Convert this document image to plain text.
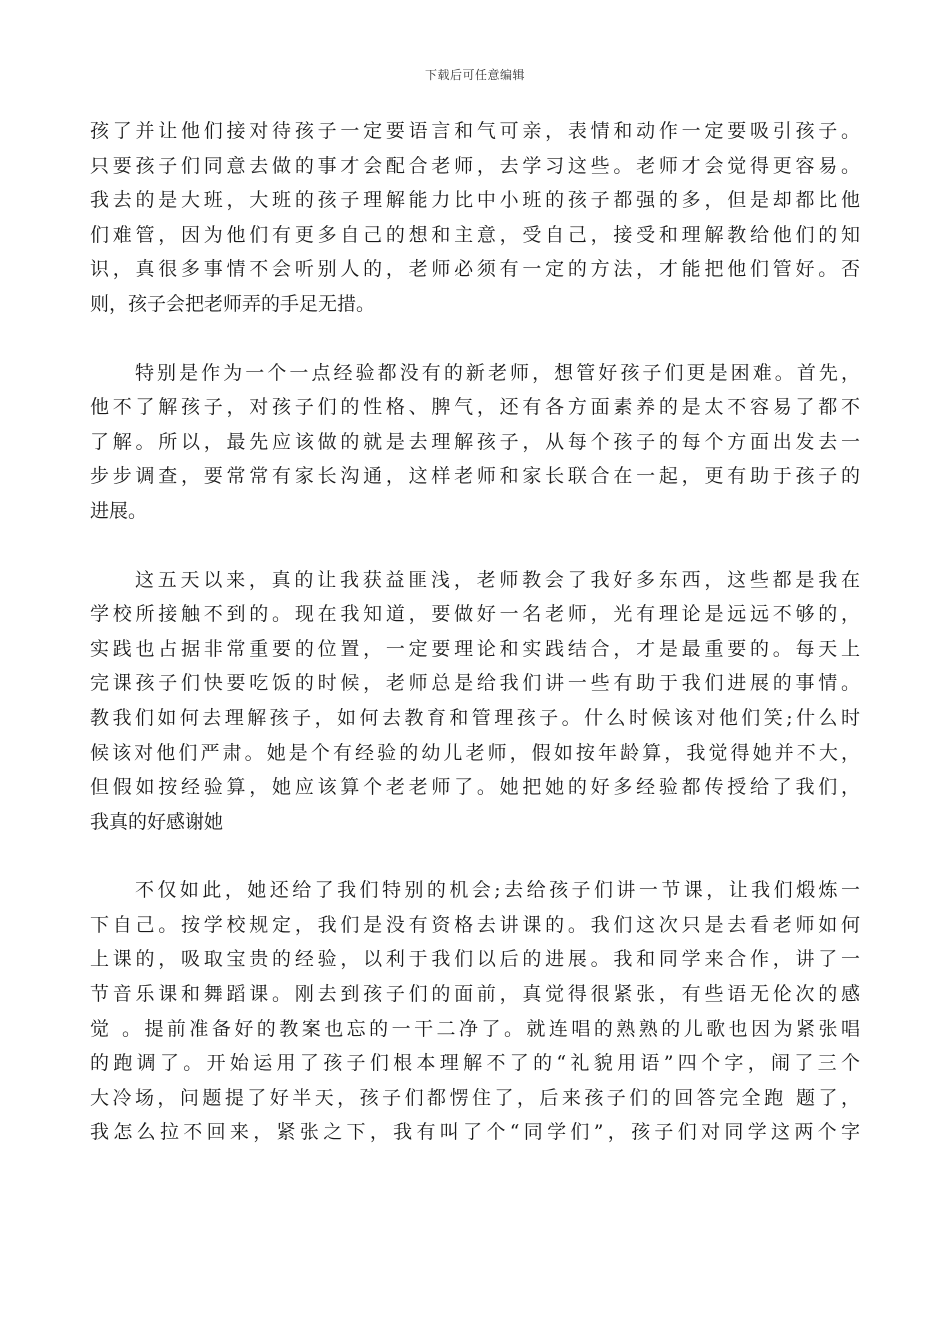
下载后可任意编辑
孩了并让他们接对待孩子一定要语言和气可亲，表情和动作一定要吸引孩子。
只要孩子们同意去做的事才会配合老师，去学习这些。老师才会觉得更容易。
我去的是大班，大班的孩子理解能力比中小班的孩子都强的多，但是却都比他
们难管，因为他们有更多自己的想和主意，受自己，接受和理解教给他们的知
识，真很多事情不会听别人的，老师必须有一定的方法，才能把他们管好。否
则，孩子会把老师弄的手足无措。
特别是作为一个一点经验都没有的新老师，想管好孩子们更是困难。首先，
他不了解孩子，对孩子们的性格、脾气，还有各方面素养的是太不容易了都不
了解。所以，最先应该做的就是去理解孩子，从每个孩子的每个方面出发去一
步步调查，要常常有家长沟通，这样老师和家长联合在一起，更有助于孩子的
进展。
这五天以来，真的让我获益匪浅，老师教会了我好多东西，这些都是我在
学校所接触不到的。现在我知道，要做好一名老师，光有理论是远远不够的，
实践也占据非常重要的位置，一定要理论和实践结合，才是最重要的。每天上
完课孩子们快要吃饭的时候，老师总是给我们讲一些有助于我们进展的事情。
教我们如何去理解孩子，如何去教育和管理孩子。什么时候该对他们笑;什么时
候该对他们严肃。她是个有经验的幼儿老师，假如按年龄算，我觉得她并不大，
但假如按经验算，她应该算个老老师了。她把她的好多经验都传授给了我们，
我真的好感谢她
不仅如此，她还给了我们特别的机会;去给孩子们讲一节课，让我们煅炼一
下自己。按学校规定，我们是没有资格去讲课的。我们这次只是去看老师如何
上课的，吸取宝贵的经验，以利于我们以后的进展。我和同学来合作，讲了一
节音乐课和舞蹈课。刚去到孩子们的面前，真觉得很紧张，有些语无伦次的感
觉 。提前准备好的教案也忘的一干二净了。就连唱的熟熟的儿歌也因为紧张唱
的跑调了。开始运用了孩子们根本理解不了的“礼貌用语”四个字，闹了三个
大冷场，问题提了好半天，孩子们都愣住了，后来孩子们的回答完全跑 题了，
我怎么拉不回来，紧张之下，我有叫了个“同学们”，孩子们对同学这两个字
